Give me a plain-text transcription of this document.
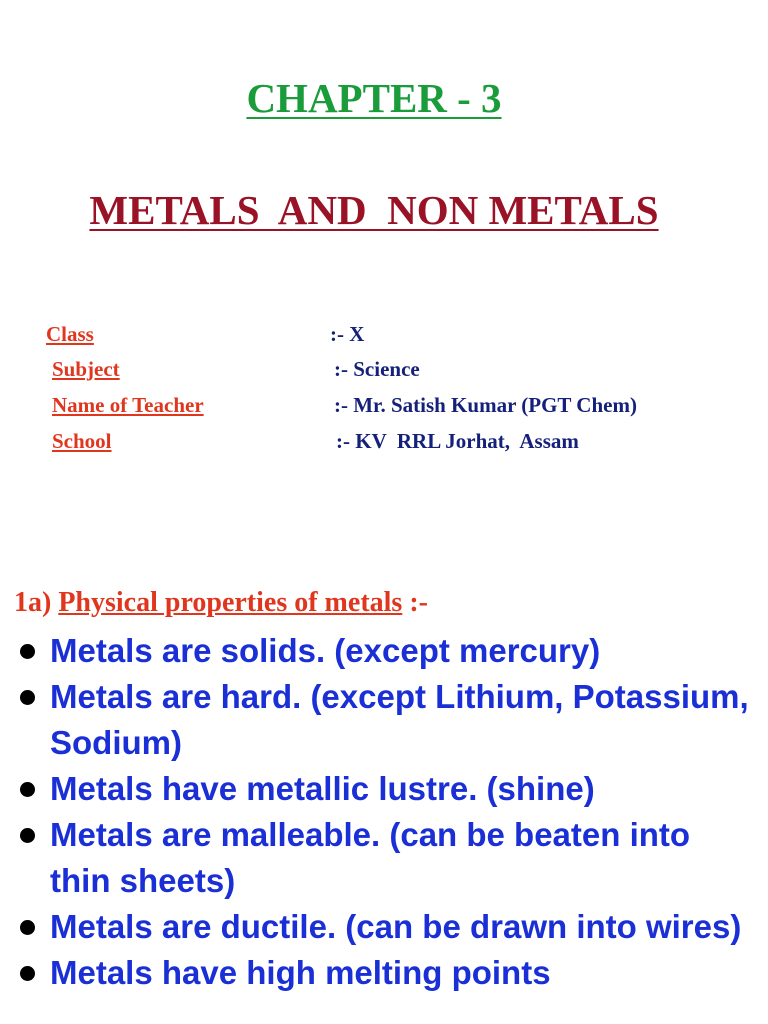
CHAPTER - 3
METALS  AND  NON METALS
Class	:- X
Subject	:- Science
Name of Teacher	:- Mr. Satish Kumar (PGT Chem)
School	:- KV  RRL Jorhat,  Assam
1a) Physical properties of metals :-
Metals are solids. (except mercury)
Metals are hard. (except Lithium, Potassium, Sodium)
Metals have metallic lustre. (shine)
Metals are malleable. (can be beaten into thin sheets)
Metals are ductile. (can be drawn into wires)
Metals have high melting points
